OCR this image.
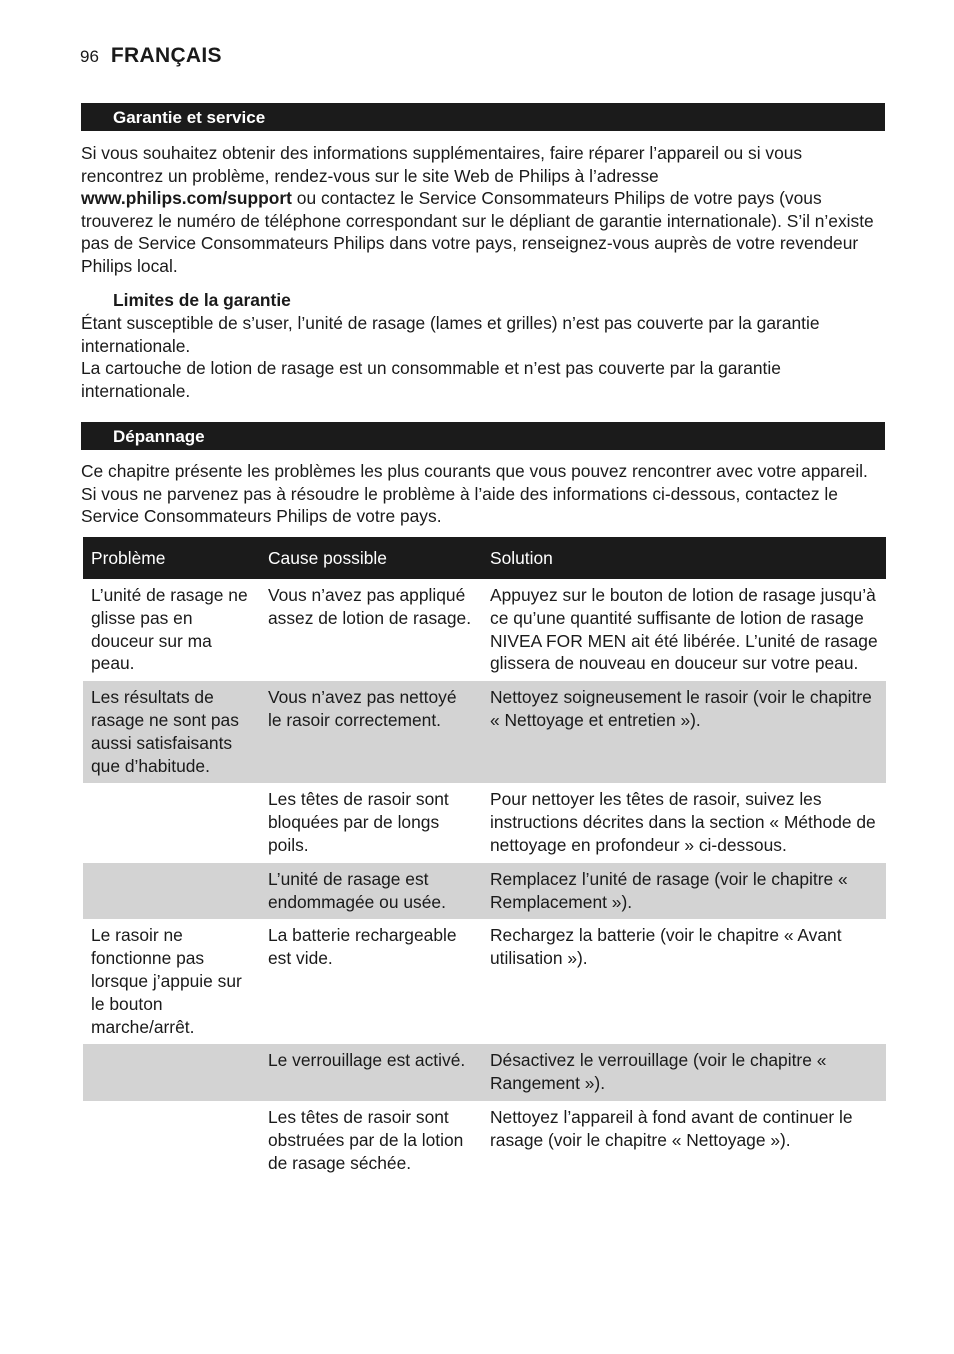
96 FRANÇAIS
Garantie et service

Si vous souhaitez obtenir des informations supplémentaires, faire réparer l’appareil ou si vous rencontrez un problème, rendez-vous sur le site Web de Philips à l’adresse
www.philips.com/support ou contactez le Service Consommateurs Philips de votre pays (vous trouverez le numéro de téléphone correspondant sur le dépliant de garantie internationale). S’il n’existe pas de Service Consommateurs Philips dans votre pays, renseignez-vous auprès de votre revendeur Philips local.

Limites de la garantie

Étant susceptible de s’user, l’unité de rasage (lames et grilles) n’est pas couverte par la garantie internationale.

La cartouche de lotion de rasage est un consommable et n’est pas couverte par la garantie internationale.

Dépannage

Ce chapitre présente les problèmes les plus courants que vous pouvez rencontrer avec votre appareil. Si vous ne parvenez pas à résoudre le problème à l’aide des informations ci-dessous, contactez le Service Consommateurs Philips de votre pays.

Problème	Cause possible	Solution
L’unité de rasage ne glisse pas en douceur sur ma peau.	Vous n’avez pas appliqué assez de lotion de rasage.	Appuyez sur le bouton de lotion de rasage jusqu’à ce qu’une quantité suffisante de lotion de rasage NIVEA FOR MEN ait été libérée. L’unité de rasage glissera de nouveau en douceur sur votre peau.
Les résultats de rasage ne sont pas aussi satisfaisants que d’habitude.	Vous n’avez pas nettoyé le rasoir correctement.	Nettoyez soigneusement le rasoir (voir le chapitre « Nettoyage et entretien »).
	Les têtes de rasoir sont bloquées par de longs poils.	Pour nettoyer les têtes de rasoir, suivez les instructions décrites dans la section « Méthode de nettoyage en profondeur » ci-dessous.
	L’unité de rasage est endommagée ou usée.	Remplacez l’unité de rasage (voir le chapitre « Remplacement »).
Le rasoir ne fonctionne pas lorsque j’appuie sur le bouton marche/arrêt.	La batterie rechargeable est vide.	Rechargez la batterie (voir le chapitre « Avant utilisation »).
	Le verrouillage est activé.	Désactivez le verrouillage (voir le chapitre « Rangement »).
	Les têtes de rasoir sont obstruées par de la lotion de rasage séchée.	Nettoyez l’appareil à fond avant de continuer le rasage (voir le chapitre « Nettoyage »).
